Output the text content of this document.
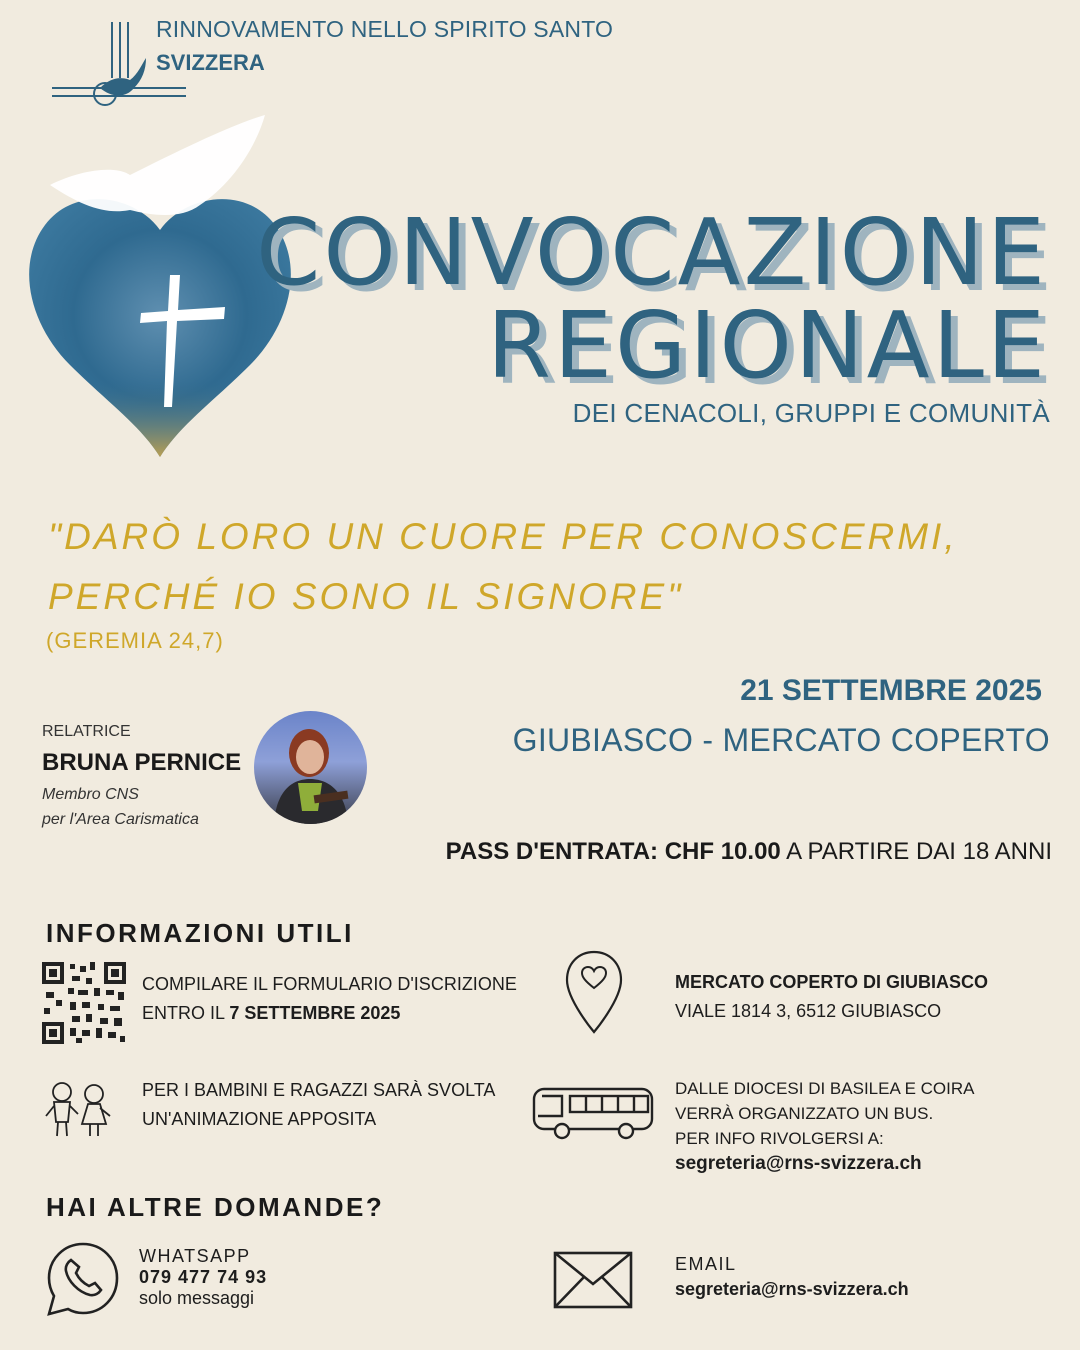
RINNOVAMENTO NELLO SPIRITO SANTO
SVIZZERA
CONVOCAZIONE
REGIONALE
DEI CENACOLI, GRUPPI E COMUNITÀ
"DARÒ LORO UN CUORE PER CONOSCERMI,
PERCHÉ IO SONO IL SIGNORE"
(GEREMIA 24,7)
21 SETTEMBRE 2025
GIUBIASCO - MERCATO COPERTO
RELATRICE
BRUNA PERNICE
Membro CNS
per l'Area Carismatica
PASS D'ENTRATA: CHF 10.00 A PARTIRE DAI 18 ANNI
INFORMAZIONI UTILI
COMPILARE IL FORMULARIO D'ISCRIZIONE
ENTRO IL 7 SETTEMBRE 2025
MERCATO COPERTO DI GIUBIASCO
VIALE 1814 3, 6512 GIUBIASCO
PER I BAMBINI E RAGAZZI SARÀ SVOLTA
UN'ANIMAZIONE APPOSITA
DALLE DIOCESI DI BASILEA E COIRA
VERRÀ ORGANIZZATO UN BUS.
PER INFO RIVOLGERSI A:
segreteria@rns-svizzera.ch
HAI ALTRE DOMANDE?
WHATSAPP
079 477 74 93
solo messaggi
EMAIL
segreteria@rns-svizzera.ch
